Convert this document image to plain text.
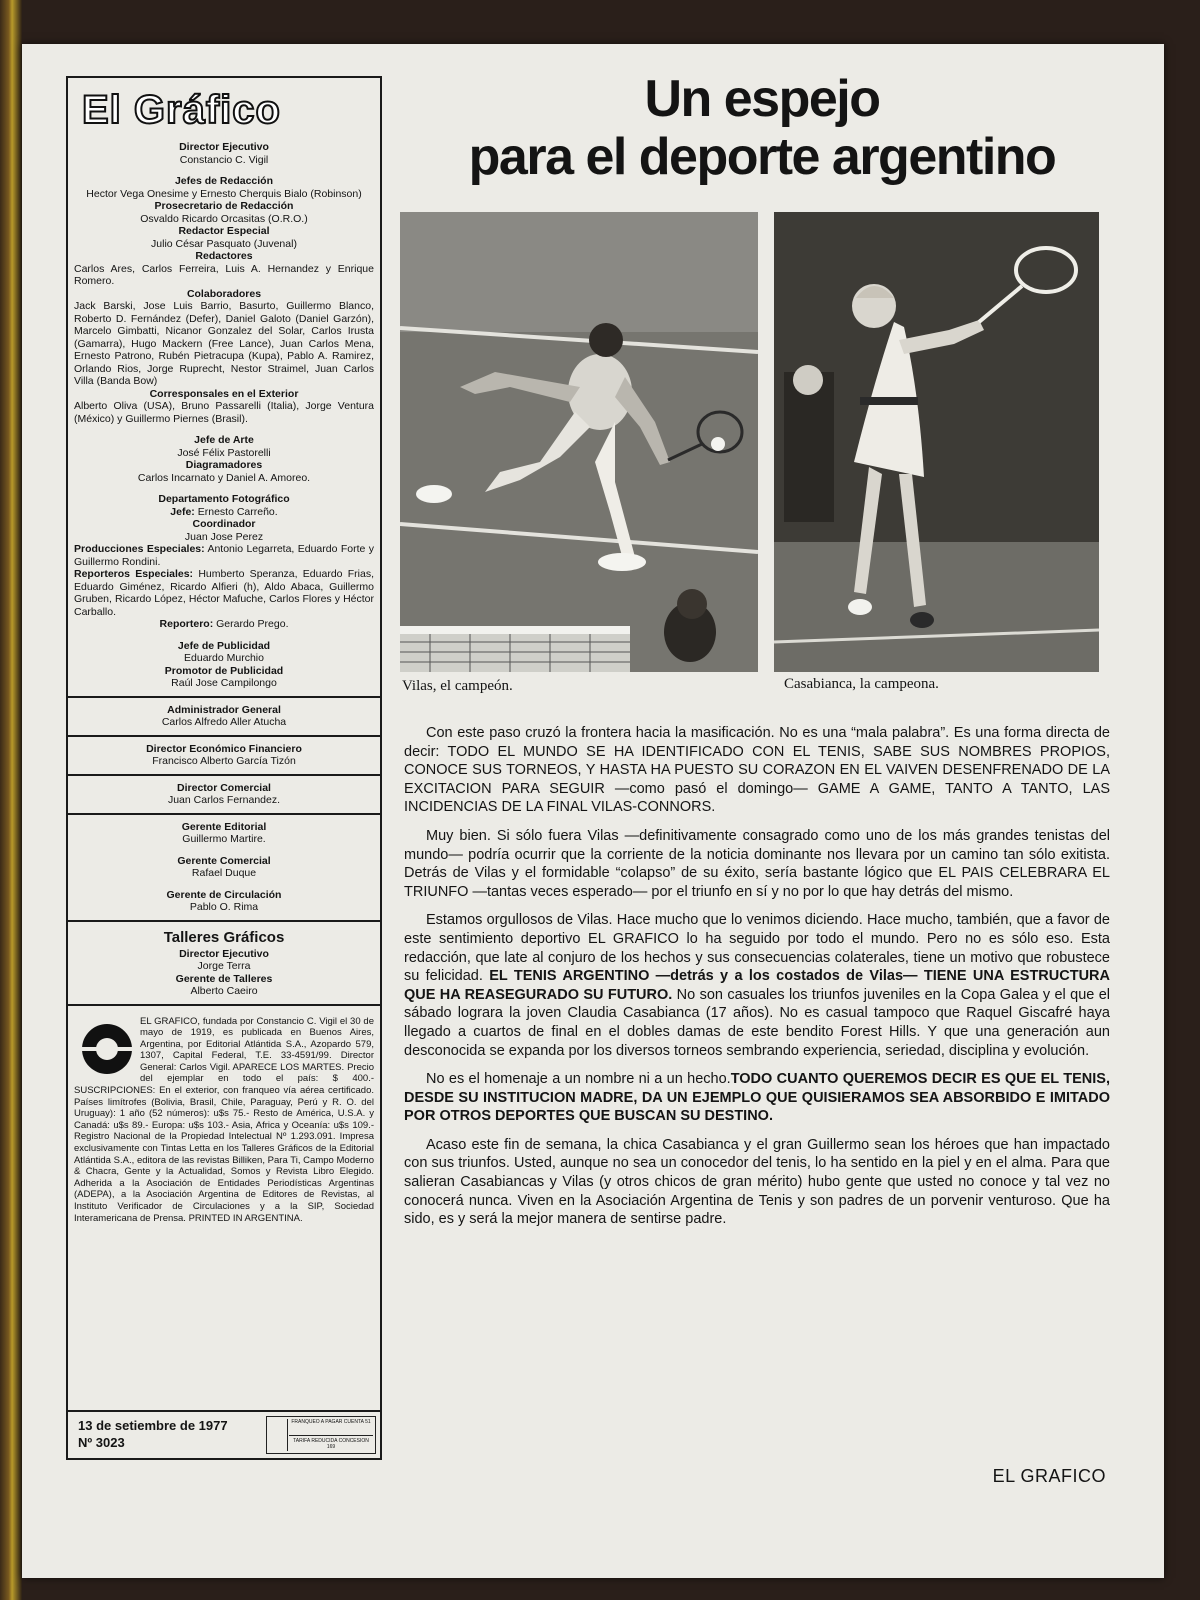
El Gráfico
Director Ejecutivo
Constancio C. Vigil
Jefes de Redacción
Hector Vega Onesime y Ernesto Cherquis Bialo (Robinson)
Prosecretario de Redacción
Osvaldo Ricardo Orcasitas (O.R.O.)
Redactor Especial
Julio César Pasquato (Juvenal)
Redactores
Carlos Ares, Carlos Ferreira, Luis A. Hernandez y Enrique Romero.
Colaboradores
Jack Barski, Jose Luis Barrio, Basurto, Guillermo Blanco, Roberto D. Fernández (Defer), Daniel Galoto (Daniel Garzón), Marcelo Gimbatti, Nicanor Gonzalez del Solar, Carlos Irusta (Gamarra), Hugo Mackern (Free Lance), Juan Carlos Mena, Ernesto Patrono, Rubén Pietracupa (Kupa), Pablo A. Ramirez, Orlando Rios, Jorge Ruprecht, Nestor Straimel, Juan Carlos Villa (Banda Bow)
Corresponsales en el Exterior
Alberto Oliva (USA), Bruno Passarelli (Italia), Jorge Ventura (México) y Guillermo Piernes (Brasil).
Jefe de Arte
José Félix Pastorelli
Diagramadores
Carlos Incarnato y Daniel A. Amoreo.
Departamento Fotográfico
Jefe: Ernesto Carreño.
Coordinador
Juan Jose Perez
Producciones Especiales: Antonio Legarreta, Eduardo Forte y Guillermo Rondini.
Reporteros Especiales: Humberto Speranza, Eduardo Frias, Eduardo Giménez, Ricardo Alfieri (h), Aldo Abaca, Guillermo Gruben, Ricardo López, Héctor Mafuche, Carlos Flores y Héctor Carballo.
Reportero: Gerardo Prego.
Jefe de Publicidad
Eduardo Murchio
Promotor de Publicidad
Raúl Jose Campilongo
Administrador General
Carlos Alfredo Aller Atucha
Director Económico Financiero
Francisco Alberto García Tizón
Director Comercial
Juan Carlos Fernandez.
Gerente Editorial
Guillermo Martire.
Gerente Comercial
Rafael Duque
Gerente de Circulación
Pablo O. Rima
Talleres Gráficos
Director Ejecutivo
Jorge Terra
Gerente de Talleres
Alberto Caeiro
EL GRAFICO, fundada por Constancio C. Vigil el 30 de mayo de 1919, es publicada en Buenos Aires, Argentina, por Editorial Atlántida S.A., Azopardo 579, 1307, Capital Federal, T.E. 33-4591/99. Director General: Carlos Vigil. APARECE LOS MARTES. Precio del ejemplar en todo el país: $ 400.- SUSCRIPCIONES: En el exterior, con franqueo vía aérea certificado. Países limítrofes (Bolivia, Brasil, Chile, Paraguay, Perú y R. O. del Uruguay): 1 año (52 números): u$s 75.- Resto de América, U.S.A. y Canadá: u$s 89.- Europa: u$s 103.- Asia, Africa y Oceanía: u$s 109.- Registro Nacional de la Propiedad Intelectual Nº 1.293.091. Impresa exclusivamente con Tintas Letta en los Talleres Gráficos de la Editorial Atlántida S.A., editora de las revistas Billiken, Para Ti, Campo Moderno & Chacra, Gente y la Actualidad, Somos y Revista Libro Elegido. Adherida a la Asociación de Entidades Periodísticas Argentinas (ADEPA), a la Asociación Argentina de Editores de Revistas, al Instituto Verificador de Circulaciones y a la SIP, Sociedad Interamericana de Prensa. PRINTED IN ARGENTINA.
13 de setiembre de 1977
Nº 3023
FRANQUEO A PAGAR CUENTA 51
TARIFA REDUCIDA CONCESION 169
Un espejo
para el deporte argentino
Vilas, el campeón.	Casabianca, la campeona.

Con este paso cruzó la frontera hacia la masificación. No es una “mala palabra”. Es una forma directa de decir: TODO EL MUNDO SE HA IDENTIFICADO CON EL TENIS, SABE SUS NOMBRES PROPIOS, CONOCE SUS TORNEOS, Y HASTA HA PUESTO SU CORAZON EN EL VAIVEN DESENFRENADO DE LA EXCITACION PARA SEGUIR —como pasó el domingo— GAME A GAME, TANTO A TANTO, LAS INCIDENCIAS DE LA FINAL VILAS-CONNORS.

Muy bien. Si sólo fuera Vilas —definitivamente consagrado como uno de los más grandes tenistas del mundo— podría ocurrir que la corriente de la noticia dominante nos llevara por un camino tan sólo exitista. Detrás de Vilas y el formidable “colapso” de su éxito, sería bastante lógico que EL PAIS CELEBRARA EL TRIUNFO —tantas veces esperado— por el triunfo en sí y no por lo que hay detrás del mismo.

Estamos orgullosos de Vilas. Hace mucho que lo venimos diciendo. Hace mucho, también, que a favor de este sentimiento deportivo EL GRAFICO lo ha seguido por todo el mundo. Pero no es sólo eso. Esta redacción, que late al conjuro de los hechos y sus consecuencias colaterales, tiene un motivo que robustece su felicidad. EL TENIS ARGENTINO —detrás y a los costados de Vilas— TIENE UNA ESTRUCTURA QUE HA REASEGURADO SU FUTURO. No son casuales los triunfos juveniles en la Copa Galea y el que el sábado lograra la joven Claudia Casabianca (17 años). No es casual tampoco que Raquel Giscafré haya llegado a cuartos de final en el dobles damas de este bendito Forest Hills. Y que una generación aun desconocida se expanda por los diversos torneos sembrando experiencia, seriedad, disciplina y evolución.

No es el homenaje a un nombre ni a un hecho.TODO CUANTO QUEREMOS DECIR ES QUE EL TENIS, DESDE SU INSTITUCION MADRE, DA UN EJEMPLO QUE QUISIERAMOS SEA ABSORBIDO E IMITADO POR OTROS DEPORTES QUE BUSCAN SU DESTINO.

Acaso este fin de semana, la chica Casabianca y el gran Guillermo sean los héroes que han impactado con sus triunfos. Usted, aunque no sea un conocedor del tenis, lo ha sentido en la piel y en el alma. Para que salieran Casabiancas y Vilas (y otros chicos de gran mérito) hubo gente que usted no conoce y tal vez no conocerá nunca. Viven en la Asociación Argentina de Tenis y son padres de un porvenir venturoso. Que ha sido, es y será la mejor manera de sentirse padre.

EL GRAFICO
